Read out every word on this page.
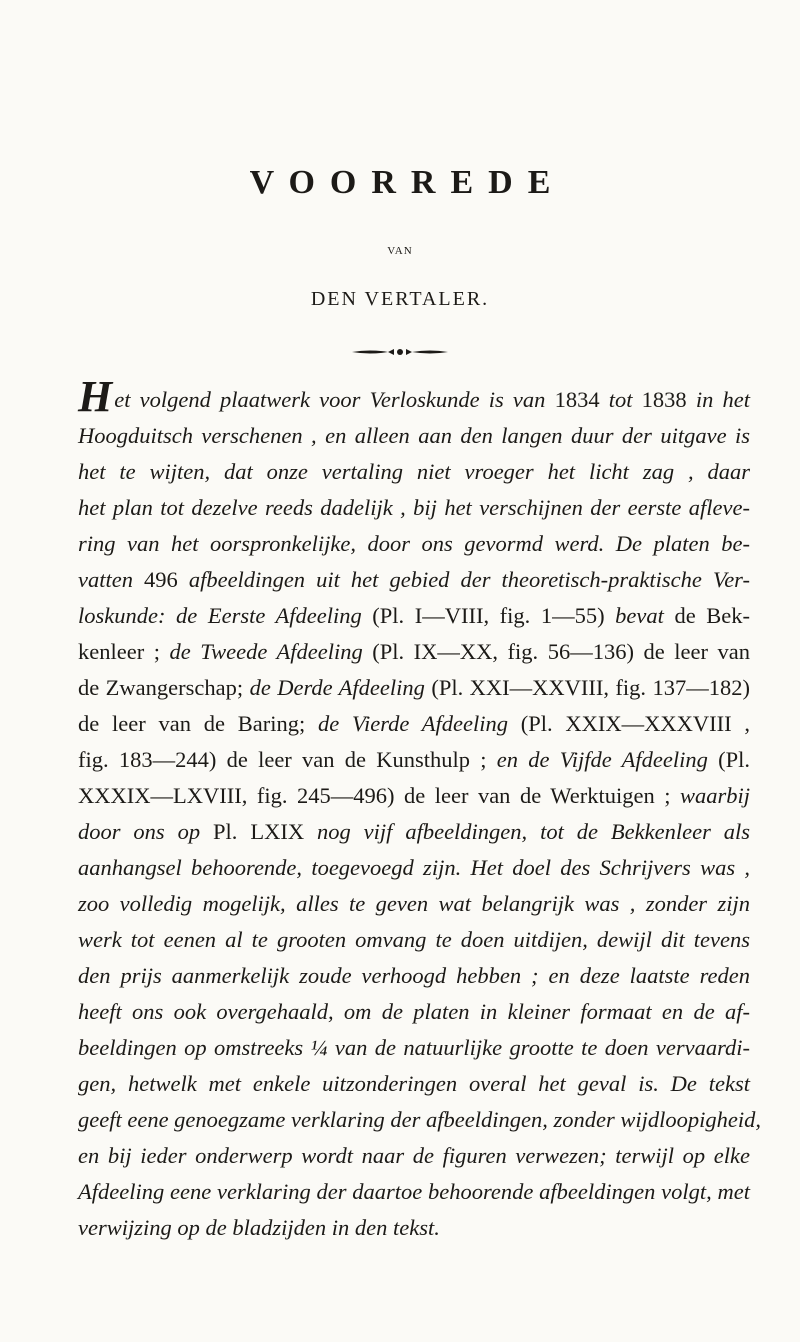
VOORREDE
VAN
DEN VERTALER.
Het volgend plaatwerk voor Verloskunde is van 1834 tot 1838 in het
Hoogduitsch verschenen , en alleen aan den langen duur der uitgave is
het te wijten, dat onze vertaling niet vroeger het licht zag , daar
het plan tot dezelve reeds dadelijk , bij het verschijnen der eerste afleve-
ring van het oorspronkelijke, door ons gevormd werd. De platen be-
vatten 496 afbeeldingen uit het gebied der theoretisch-praktische Ver-
loskunde: de Eerste Afdeeling (Pl. I—VIII, fig. 1—55) bevat de Bek-
kenleer ; de Tweede Afdeeling (Pl. IX—XX, fig. 56—136) de leer van
de Zwangerschap; de Derde Afdeeling (Pl. XXI—XXVIII, fig. 137—182)
de leer van de Baring; de Vierde Afdeeling (Pl. XXIX—XXXVIII ,
fig. 183—244) de leer van de Kunsthulp ; en de Vijfde Afdeeling (Pl.
XXXIX—LXVIII, fig. 245—496) de leer van de Werktuigen ; waarbij
door ons op Pl. LXIX nog vijf afbeeldingen, tot de Bekkenleer als
aanhangsel behoorende, toegevoegd zijn. Het doel des Schrijvers was ,
zoo volledig mogelijk, alles te geven wat belangrijk was , zonder zijn
werk tot eenen al te grooten omvang te doen uitdijen, dewijl dit tevens
den prijs aanmerkelijk zoude verhoogd hebben ; en deze laatste reden
heeft ons ook overgehaald, om de platen in kleiner formaat en de af-
beeldingen op omstreeks ¼ van de natuurlijke grootte te doen vervaardi-
gen, hetwelk met enkele uitzonderingen overal het geval is. De tekst
geeft eene genoegzame verklaring der afbeeldingen, zonder wijdloopigheid,
en bij ieder onderwerp wordt naar de figuren verwezen; terwijl op elke
Afdeeling eene verklaring der daartoe behoorende afbeeldingen volgt, met
verwijzing op de bladzijden in den tekst.
